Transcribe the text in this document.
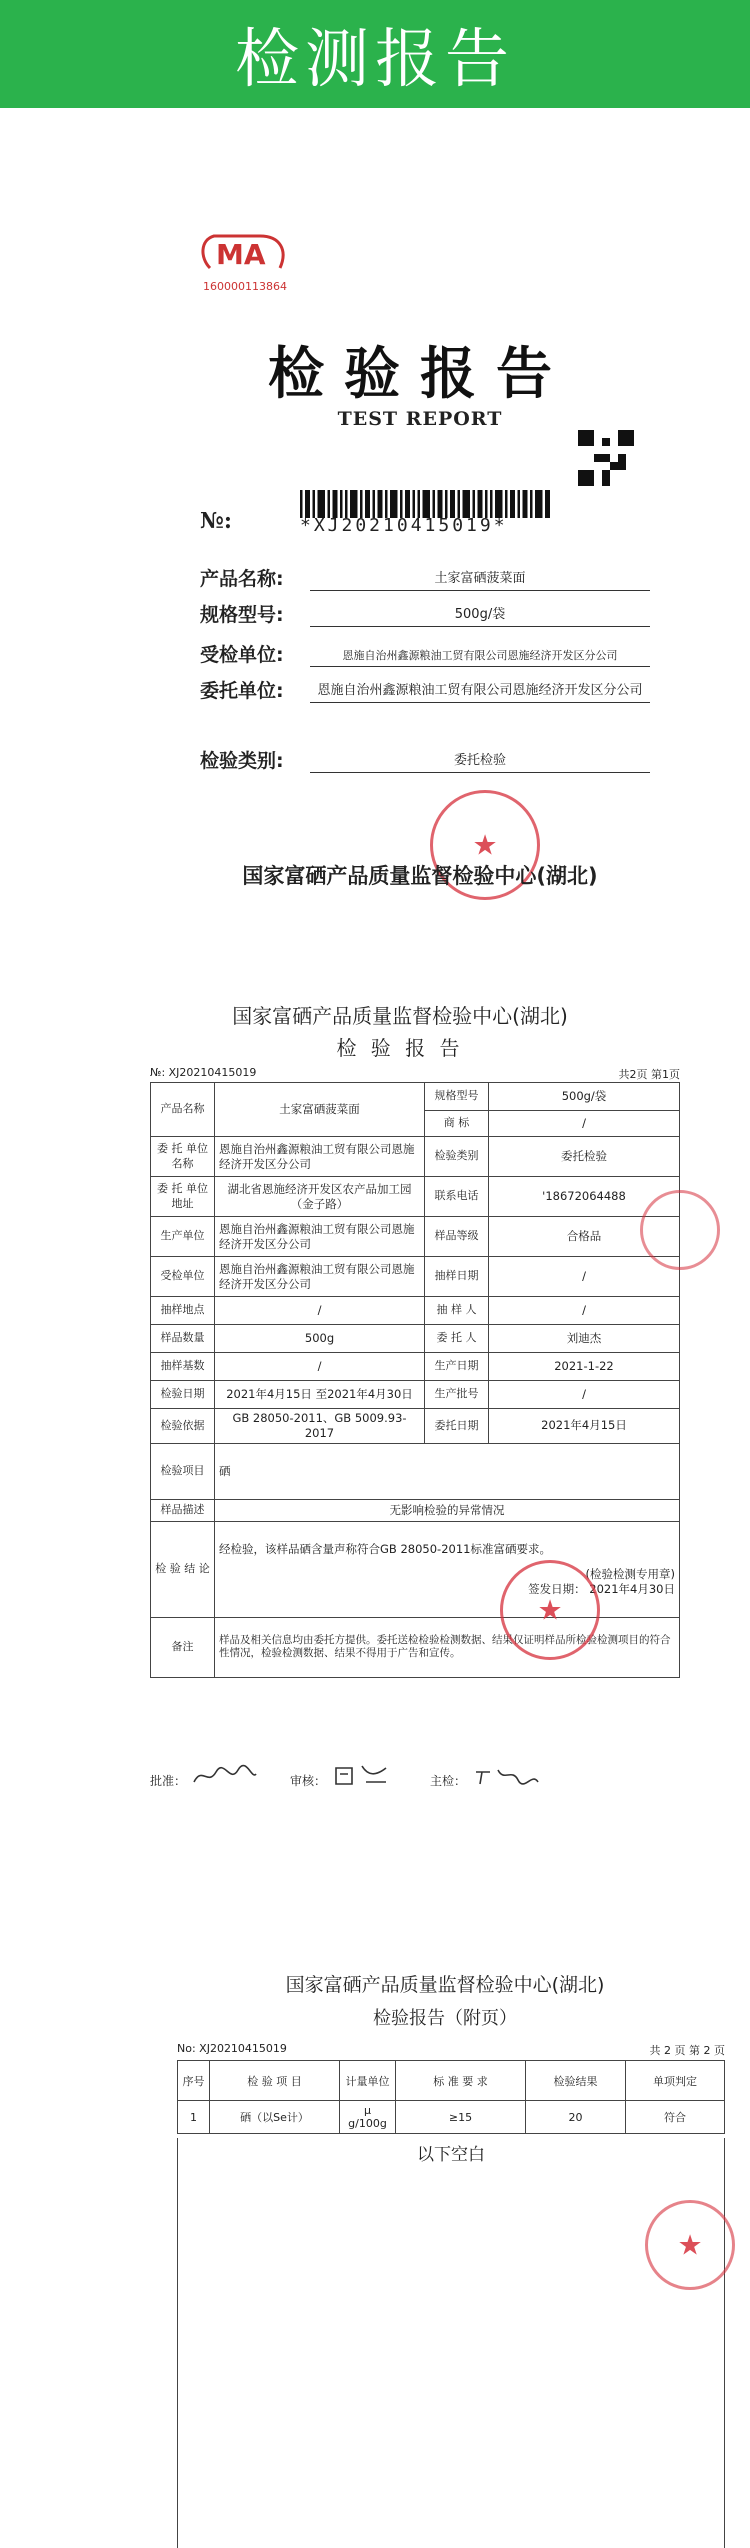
检测报告
MA
160000113864
检验报告
TEST REPORT
№:	*XJ20210415019*
产品名称:	土家富硒菠菜面
规格型号:	500g/袋
受检单位:	恩施自治州鑫源粮油工贸有限公司恩施经济开发区分公司
委托单位:	恩施自治州鑫源粮油工贸有限公司恩施经济开发区分公司
检验类别:	委托检验
★
国家富硒产品质量监督检验中心(湖北)
国家富硒产品质量监督检验中心(湖北)
检 验 报 告
№: XJ20210415019	共2页 第1页
产品名称	土家富硒菠菜面	规格型号	500g/袋
		商 标	/
委 托 单位名称	恩施自治州鑫源粮油工贸有限公司恩施经济开发区分公司	检验类别	委托检验
委 托 单位地址	湖北省恩施经济开发区农产品加工园（金子路）	联系电话	'18672064488
生产单位	恩施自治州鑫源粮油工贸有限公司恩施经济开发区分公司	样品等级	合格品
受检单位	恩施自治州鑫源粮油工贸有限公司恩施经济开发区分公司	抽样日期	/
抽样地点	/	抽 样 人	/
样品数量	500g	委 托 人	刘迪杰
抽样基数	/	生产日期	2021-1-22
检验日期	2021年4月15日 至2021年4月30日	生产批号	/
检验依据	GB 28050-2011、GB 5009.93-2017	委托日期	2021年4月15日
检验项目	硒		
样品描述	无影响检验的异常情况		
检 验 结 论	经检验，该样品硒含量声称符合GB 28050-2011标准富硒要求。
(检验检测专用章)
签发日期： 2021年4月30日		

备注	样品及相关信息均由委托方提供。委托送检检验检测数据、结果仅证明样品所检验检测项目的符合性情况，检验检测数据、结果不得用于广告和宣传。		
★
批准：	审核：	主检：
国家富硒产品质量监督检验中心(湖北)
检验报告（附页）
No: XJ20210415019	共 2 页 第 2 页
序号	检 验 项 目	计量单位	标 准 要 求	检验结果	单项判定
1	硒（以Se计）	μ g/100g	≥15	20	符合
以下空白
★
